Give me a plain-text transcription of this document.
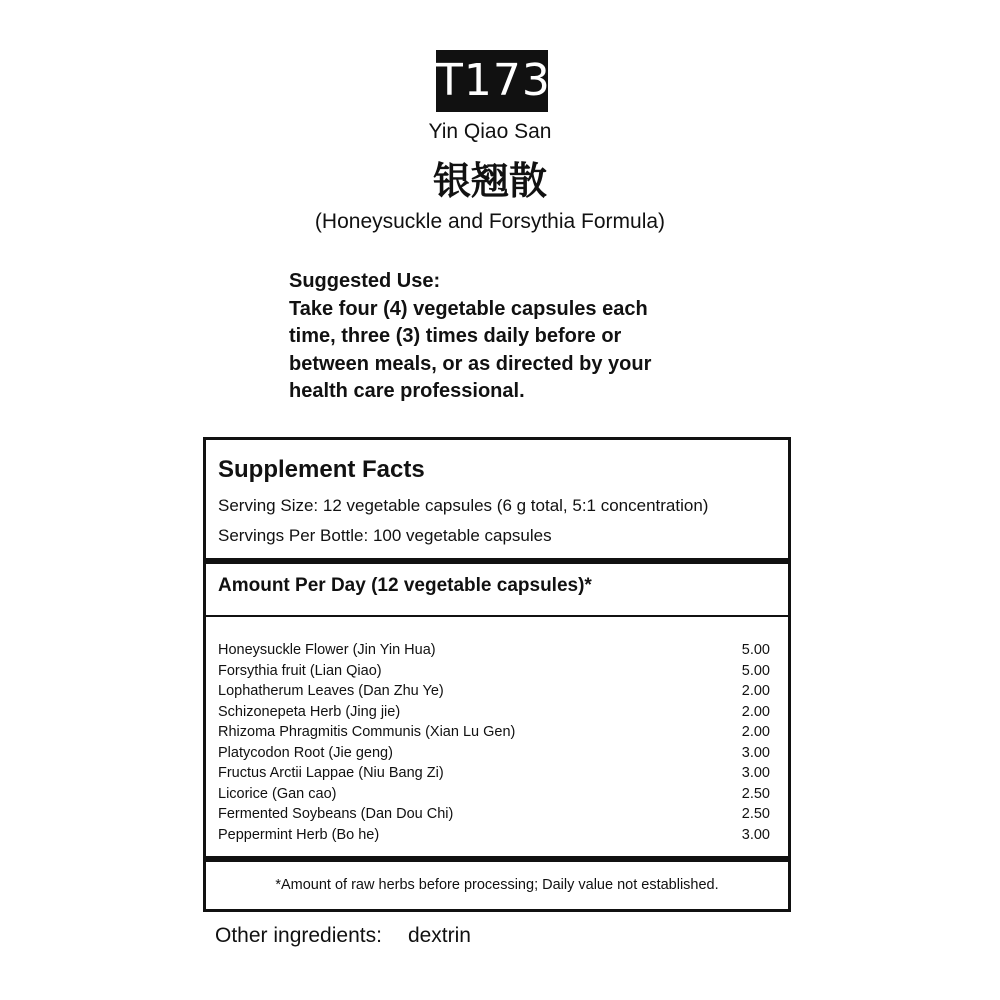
T173
Yin Qiao San
银翘散
(Honeysuckle and Forsythia Formula)
Suggested Use:
Take four (4) vegetable capsules each
time, three (3) times daily before or
between meals, or as directed by your
health care professional.
Supplement Facts
Serving Size: 12 vegetable capsules (6 g total, 5:1 concentration)
Servings Per Bottle: 100 vegetable capsules
Amount Per Day (12 vegetable capsules)*
Honeysuckle Flower (Jin Yin Hua)	5.00
Forsythia fruit (Lian Qiao)	5.00
Lophatherum Leaves (Dan Zhu Ye)	2.00
Schizonepeta Herb (Jing jie)	2.00
Rhizoma Phragmitis Communis (Xian Lu Gen)	2.00
Platycodon Root (Jie geng)	3.00
Fructus Arctii Lappae (Niu Bang Zi)	3.00
Licorice (Gan cao)	2.50
Fermented Soybeans (Dan Dou Chi)	2.50
Peppermint Herb (Bo he)	3.00
*Amount of raw herbs before processing; Daily value not established.
Other ingredients: dextrin
